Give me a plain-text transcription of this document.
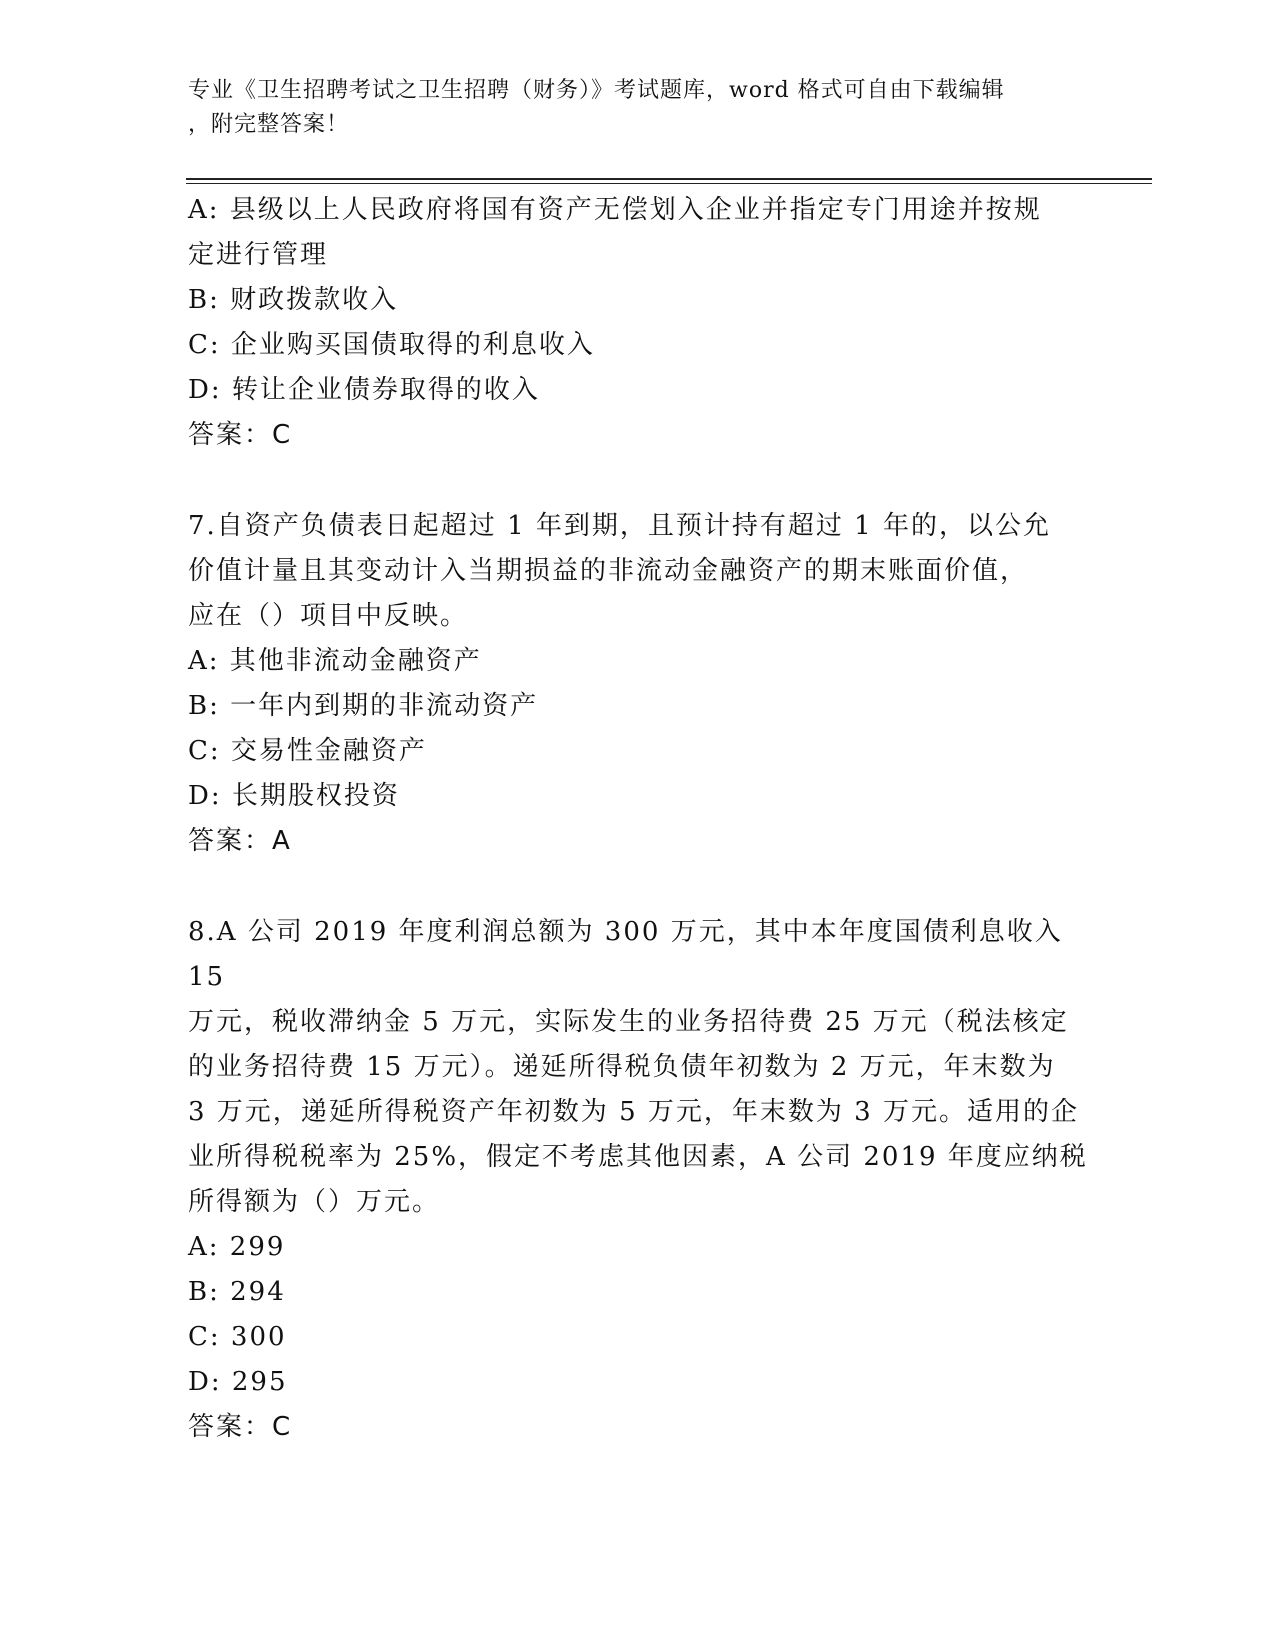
专业《卫生招聘考试之卫生招聘（财务）》考试题库，word 格式可自由下载编辑
，附完整答案！

A: 县级以上人民政府将国有资产无偿划入企业并指定专门用途并按规

定进行管理

B: 财政拨款收入

C: 企业购买国债取得的利息收入

D: 转让企业债券取得的收入

答案：C

7.自资产负债表日起超过 1 年到期，且预计持有超过 1 年的，以公允

价值计量且其变动计入当期损益的非流动金融资产的期末账面价值，

应在（）项目中反映。

A: 其他非流动金融资产

B: 一年内到期的非流动资产

C: 交易性金融资产

D: 长期股权投资

答案：A

8.A 公司 2019 年度利润总额为 300 万元，其中本年度国债利息收入 15

万元，税收滞纳金 5 万元，实际发生的业务招待费 25 万元（税法核定

的业务招待费 15 万元）。递延所得税负债年初数为 2 万元，年末数为

3 万元，递延所得税资产年初数为 5 万元，年末数为 3 万元。适用的企

业所得税税率为 25%，假定不考虑其他因素，A 公司 2019 年度应纳税

所得额为（）万元。

A: 299

B: 294

C: 300

D: 295

答案：C
